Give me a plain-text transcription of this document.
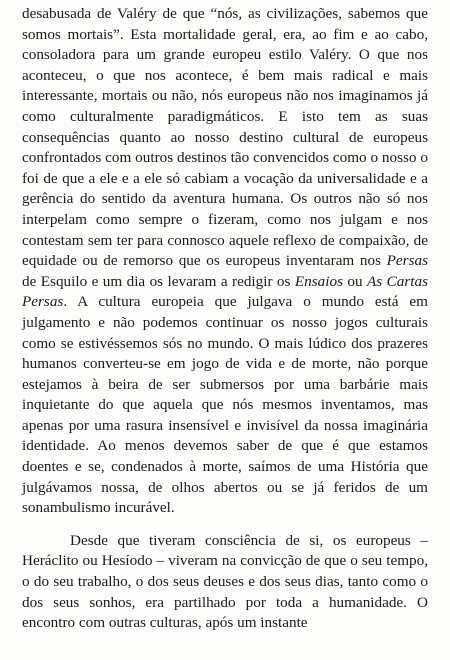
desabusada de Valéry de que “nós, as civilizações, sabemos que somos mortais”. Esta mortalidade geral, era, ao fim e ao cabo, consoladora para um grande europeu estilo Valéry. O que nos aconteceu, o que nos acontece, é bem mais radical e mais interessante, mortais ou não, nós europeus não nos imaginamos já como culturalmente paradigmáticos. E isto tem as suas consequências quanto ao nosso destino cultural de europeus confrontados com outros destinos tão convencidos como o nosso o foi de que a ele e a ele só cabiam a vocação da universalidade e a gerência do sentido da aventura humana. Os outros não só nos interpelam como sempre o fizeram, como nos julgam e nos contestam sem ter para connosco aquele reflexo de compaixão, de equidade ou de remorso que os europeus inventaram nos Persas de Esquilo e um dia os levaram a redigir os Ensaios ou As Cartas Persas. A cultura europeia que julgava o mundo está em julgamento e não podemos continuar os nosso jogos culturais como se estivéssemos sós no mundo. O mais lúdico dos prazeres humanos converteu-se em jogo de vida e de morte, não porque estejamos à beira de ser submersos por uma barbárie mais inquietante do que aquela que nós mesmos inventamos, mas apenas por uma rasura insensível e invisível da nossa imaginária identidade. Ao menos devemos saber de que é que estamos doentes e se, condenados à morte, saímos de uma História que julgávamos nossa, de olhos abertos ou se já feridos de um sonambulismo incurável.

Desde que tiveram consciência de si, os europeus – Heráclito ou Hesíodo – viveram na convicção de que o seu tempo, o do seu trabalho, o dos seus deuses e dos seus dias, tanto como o dos seus sonhos, era partilhado por toda a humanidade. O encontro com outras culturas, após um instante
